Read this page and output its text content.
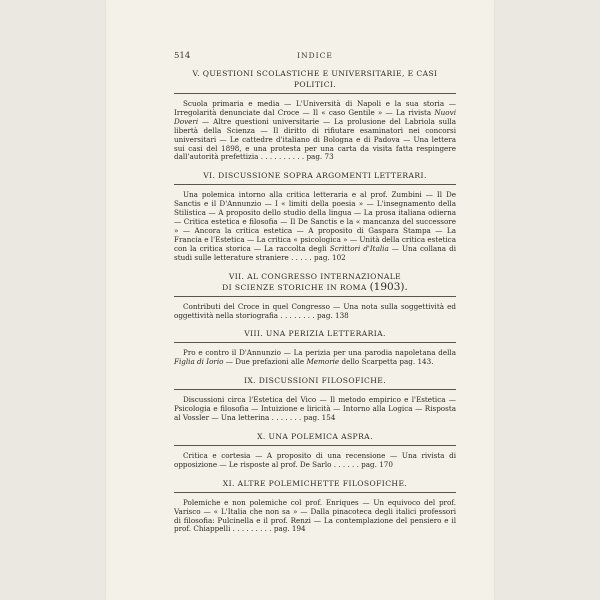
514	INDICE
V. QUESTIONI SCOLASTICHE E UNIVERSITARIE, E CASI POLITICI.

Scuola primaria e media — L'Università di Napoli e la sua storia — Irregolarità denunciate dal Croce — Il « caso Gentile » — La rivista Nuovi Doveri — Altre questioni universitarie — La prolusione del Labriola sulla libertà della Scienza — Il diritto di rifiutare esaminatori nei concorsi universitari — Le cattedre d'italiano di Bologna e di Padova — Una lettera sui casi del 1898, e una protesta per una carta da visita fatta respingere dall'autorità prefettizia . . . . . . . . . . pag. 73

VI. DISCUSSIONE SOPRA ARGOMENTI LETTERARI.

Una polemica intorno alla critica letteraria e al prof. Zumbini — Il De Sanctis e il D'Annunzio — I « limiti della poesia » — L'insegnamento della Stilistica — A proposito dello studio della lingua — La prosa italiana odierna — Critica estetica e filosofia — Il De Sanctis e la « mancanza del successore » — Ancora la critica estetica — A proposito di Gaspara Stampa — La Francia e l'Estetica — La critica « psicologica » — Unità della critica estetica con la critica storica — La raccolta degli Scrittori d'Italia — Una collana di studi sulle letterature straniere . . . . . pag. 102

VII. AL CONGRESSO INTERNAZIONALE
DI SCIENZE STORICHE IN ROMA (1903).

Contributi del Croce in quel Congresso — Una nota sulla soggettività ed oggettività nella storiografia . . . . . . . . pag. 138

VIII. UNA PERIZIA LETTERARIA.

Pro e contro il D'Annunzio — La perizia per una parodia napoletana della Figlia di Iorio — Due prefazioni alle Memorie dello Scarpetta pag. 143.

IX. DISCUSSIONI FILOSOFICHE.

Discussioni circa l'Estetica del Vico — Il metodo empirico e l'Estetica — Psicologia e filosofia — Intuizione e liricità — Intorno alla Logica — Risposta al Vossler — Una letterina . . . . . . . pag. 154

X. UNA POLEMICA ASPRA.

Critica e cortesia — A proposito di una recensione — Una rivista di opposizione — Le risposte al prof. De Sarlo . . . . . . pag. 170

XI. ALTRE POLEMICHETTE FILOSOFICHE.

Polemiche e non polemiche col prof. Enriques — Un equivoco del prof. Varisco — « L'Italia che non sa » — Dalla pinacoteca degli italici professori di filosofia: Pulcinella e il prof. Renzi — La contemplazione del pensiero e il prof. Chiappelli . . . . . . . . . pag. 194
